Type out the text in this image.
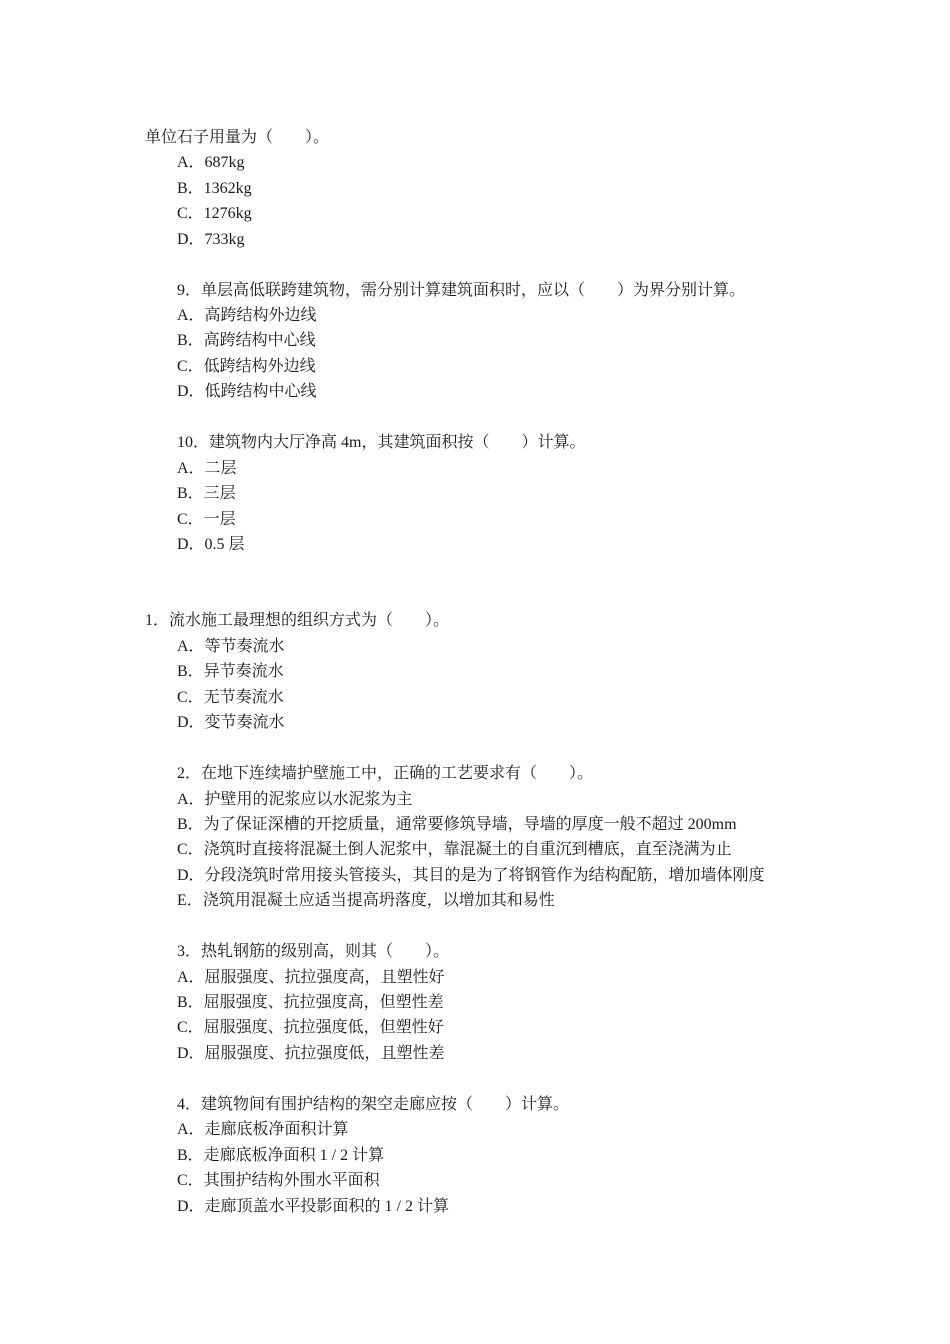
单位石子用量为（　　）。
A．687kg
B．1362kg
C．1276kg
D．733kg
9．单层高低联跨建筑物，需分别计算建筑面积时，应以（　　）为界分别计算。
A．高跨结构外边线
B．高跨结构中心线
C．低跨结构外边线
D．低跨结构中心线
10．建筑物内大厅净高 4m，其建筑面积按（　　）计算。
A．二层
B．三层
C．一层
D．0.5 层
1．流水施工最理想的组织方式为（　　）。
A．等节奏流水
B．异节奏流水
C．无节奏流水
D．变节奏流水
2．在地下连续墙护壁施工中，正确的工艺要求有（　　）。
A．护壁用的泥浆应以水泥浆为主
B．为了保证深槽的开挖质量，通常要修筑导墙，导墙的厚度一般不超过 200mm
C．浇筑时直接将混凝土倒人泥浆中，靠混凝土的自重沉到槽底，直至浇满为止
D．分段浇筑时常用接头管接头，其目的是为了将钢管作为结构配筋，增加墙体刚度
E．浇筑用混凝土应适当提高坍落度，以增加其和易性
3．热轧钢筋的级别高，则其（　　）。
A．屈服强度、抗拉强度高，且塑性好
B．屈服强度、抗拉强度高，但塑性差
C．屈服强度、抗拉强度低，但塑性好
D．屈服强度、抗拉强度低，且塑性差
4．建筑物间有围护结构的架空走廊应按（　　）计算。
A．走廊底板净面积计算
B．走廊底板净面积 1 / 2 计算
C．其围护结构外围水平面积
D．走廊顶盖水平投影面积的 1 / 2 计算
